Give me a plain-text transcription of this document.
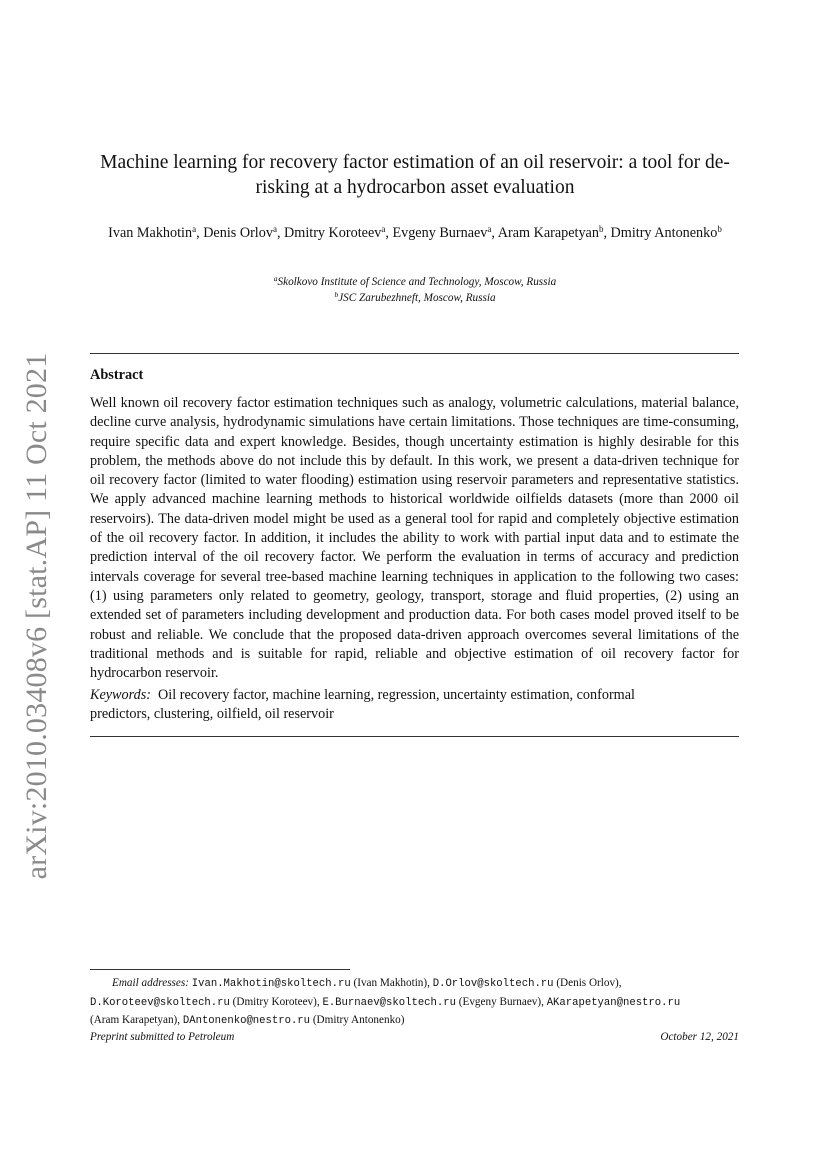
arXiv:2010.03408v6 [stat.AP] 11 Oct 2021
Machine learning for recovery factor estimation of an oil reservoir: a tool for de-risking at a hydrocarbon asset evaluation
Ivan Makhotin$^a$, Denis Orlov$^a$, Dmitry Koroteev$^a$, Evgeny Burnaev$^a$, Aram Karapetyan$^b$, Dmitry Antonenko$^b$
$^a$Skolkovo Institute of Science and Technology, Moscow, Russia
$^b$JSC Zarubezhneft, Moscow, Russia
Abstract

Well known oil recovery factor estimation techniques such as analogy, volumetric calculations, material balance, decline curve analysis, hydrodynamic simulations have certain limitations. Those techniques are time-consuming, require specific data and expert knowledge. Besides, though uncertainty estimation is highly desirable for this problem, the methods above do not include this by default. In this work, we present a data-driven technique for oil recovery factor (limited to water flooding) estimation using reservoir parameters and representative statistics. We apply advanced machine learning methods to historical worldwide oilfields datasets (more than 2000 oil reservoirs). The data-driven model might be used as a general tool for rapid and completely objective estimation of the oil recovery factor. In addition, it includes the ability to work with partial input data and to estimate the prediction interval of the oil recovery factor. We perform the evaluation in terms of accuracy and prediction intervals coverage for several tree-based machine learning techniques in application to the following two cases: (1) using parameters only related to geometry, geology, transport, storage and fluid properties, (2) using an extended set of parameters including development and production data. For both cases model proved itself to be robust and reliable. We conclude that the proposed data-driven approach overcomes several limitations of the traditional methods and is suitable for rapid, reliable and objective estimation of oil recovery factor for hydrocarbon reservoir.

Keywords: Oil recovery factor, machine learning, regression, uncertainty estimation, conformal predictors, clustering, oilfield, oil reservoir

Email addresses: Ivan.Makhotin@skoltech.ru (Ivan Makhotin), D.Orlov@skoltech.ru (Denis Orlov),
D.Koroteev@skoltech.ru (Dmitry Koroteev), E.Burnaev@skoltech.ru (Evgeny Burnaev), AKarapetyan@nestro.ru
(Aram Karapetyan), DAntonenko@nestro.ru (Dmitry Antonenko)
Preprint submitted to Petroleum	October 12, 2021
